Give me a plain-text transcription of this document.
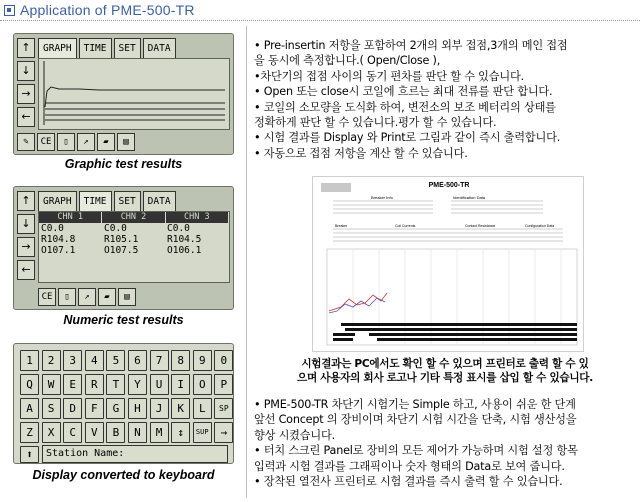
Application of PME-500-TR
↑
↓
→
←
GRAPH	TIME	SET	DATA
✎	CE	▯	↗	▰	▤
Graphic test results
↑
↓
→
←
GRAPH	TIME	SET	DATA
CHN 1	CHN 2	CHN 3
C0.0	C0.0	C0.0
R104.8	R105.1	R104.5
O107.1	O107.5	O106.1
CE	▯	↗	▰	▤
Numeric test results
1	2	3	4	5	6	7	8	9	0
Q	W	E	R	T	Y	U	I	O	P
A	S	D	F	G	H	J	K	L	SP
Z	X	C	V	B	N	M	↕	SUP	→
⬆	Station Name:
Display converted to keyboard

• Pre-insertin 저항을 포함하여 2개의 외부 접점,3개의 메인 접점

을 동시에 측정합니다.( Open/Close ),

•차단기의 접점 사이의 동기 편차를 판단 할 수 있습니다.

• Open 또는 close시 코일에 흐르는 최대 전류를 판단 합니다.

• 코일의 소모량을 도식화 하여, 변전소의 보조 베터리의 상태를

정확하게 판단 할 수 있습니다.평가 할 수 있습니다.

• 시험 결과를 Display 와 Print로 그림과 같이 즉시 출력합니다.

• 자동으로 접점 저항을 계산 할 수 있습니다.

PME-500-TR
Breaker Info	Identification Data
Breaker	Coil Currents	Contact Resistance	Configuration Data

시험결과는 PC에서도 확인 할 수 있으며 프린터로 출력 할 수 있

으며 사용자의 회사 로고나 기타 특정 표시를 삽입 할 수 있습니다.

• PME-500-TR 차단기 시험기는 Simple 하고, 사용이 쉬운 한 단계

앞선 Concept 의 장비이며 차단기 시험 시간을 단축, 시험 생산성을

향상 시켰습니다.

• 터치 스크린 Panel로 장비의 모든 제어가 가능하며 시험 설정 항목

입력과 시험 결과를 그래픽이나 숫자 형태의 Data로 보여 줍니다.

• 장착된 열전사 프린터로 시험 결과를 즉시 출력 할 수 있습니다.
